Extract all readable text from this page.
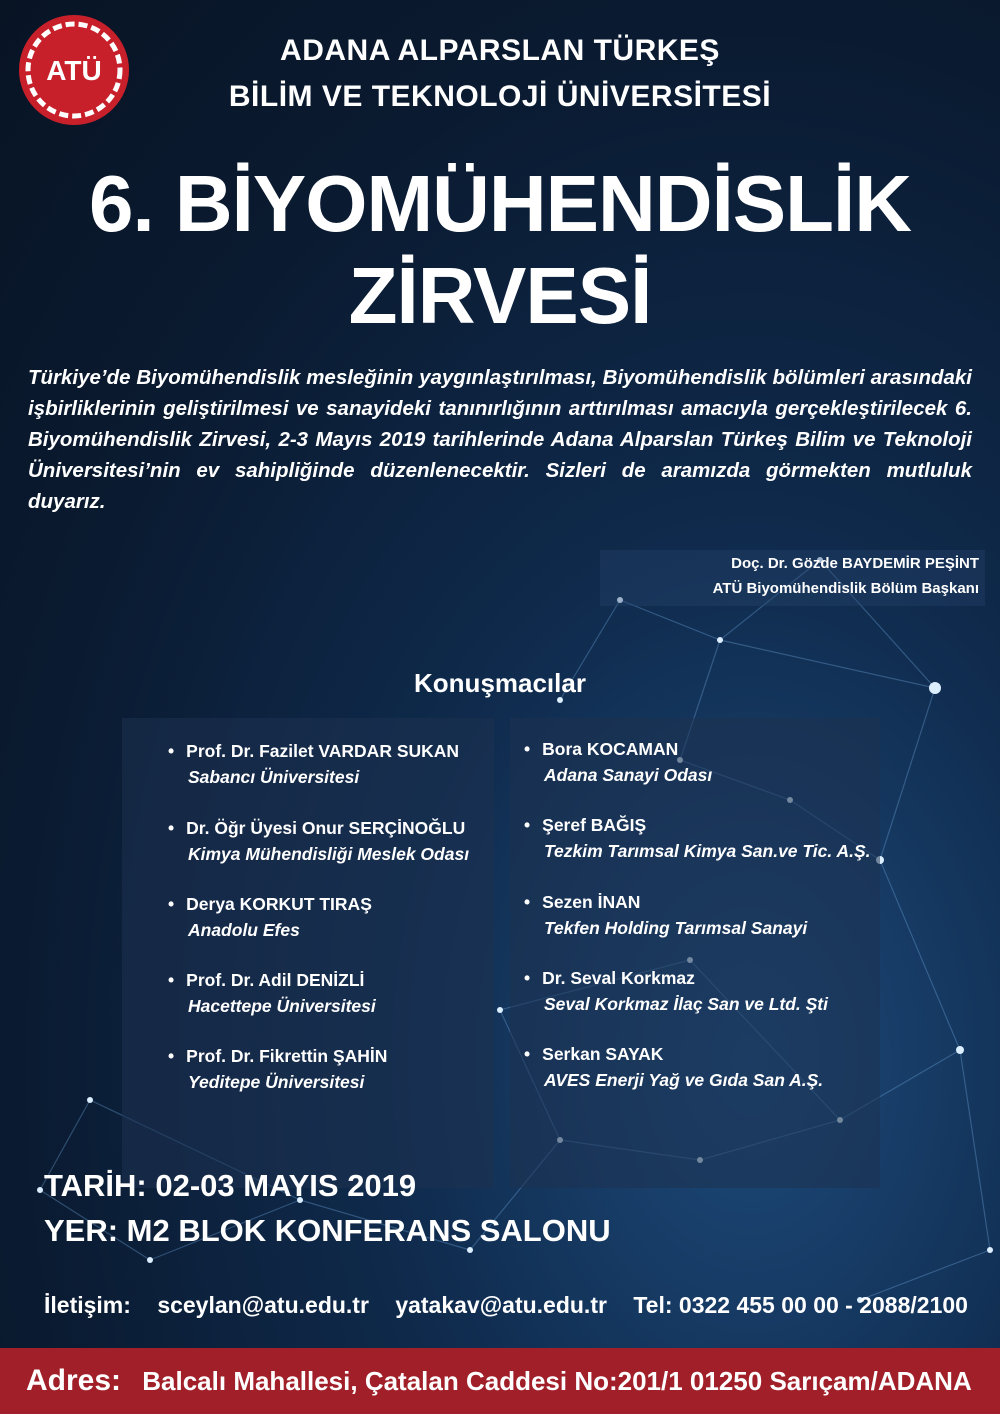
ATÜ
ADANA ALPARSLAN TÜRKEŞ
BİLİM VE TEKNOLOJİ ÜNİVERSİTESİ
6. BİYOMÜHENDİSLİK
ZİRVESİ
Türkiye’de Biyomühendislik mesleğinin yaygınlaştırılması, Biyomühendislik bölümleri arasındaki işbirliklerinin geliştirilmesi ve sanayideki tanınırlığının arttırılması amacıyla gerçekleştirilecek 6. Biyomühendislik Zirvesi, 2-3 Mayıs 2019 tarihlerinde Adana Alparslan Türkeş Bilim ve Teknoloji Üniversitesi’nin ev sahipliğinde düzenlenecektir. Sizleri de aramızda görmekten mutluluk duyarız.
Doç. Dr. Gözde BAYDEMİR PEŞİNT
ATÜ Biyomühendislik Bölüm Başkanı
Konuşmacılar
• Prof. Dr. Fazilet VARDAR SUKAN
Sabancı Üniversitesi
• Dr. Öğr Üyesi Onur SERÇİNOĞLU
Kimya Mühendisliği Meslek Odası
• Derya KORKUT TIRAŞ
Anadolu Efes
• Prof. Dr. Adil DENİZLİ
Hacettepe Üniversitesi
• Prof. Dr. Fikrettin ŞAHİN
Yeditepe Üniversitesi
• Bora KOCAMAN
Adana Sanayi Odası
• Şeref BAĞIŞ
Tezkim Tarımsal Kimya San.ve Tic. A.Ş.
• Sezen İNAN
Tekfen Holding Tarımsal Sanayi
• Dr. Seval Korkmaz
Seval Korkmaz İlaç San ve Ltd. Şti
• Serkan SAYAK
AVES Enerji Yağ ve Gıda San A.Ş.
TARİH: 02-03 MAYIS 2019
YER: M2 BLOK KONFERANS SALONU
İletişim: sceylan@atu.edu.tr yatakav@atu.edu.tr Tel: 0322 455 00 00 - 2088/2100
Adres: Balcalı Mahallesi, Çatalan Caddesi No:201/1 01250 Sarıçam/ADANA
